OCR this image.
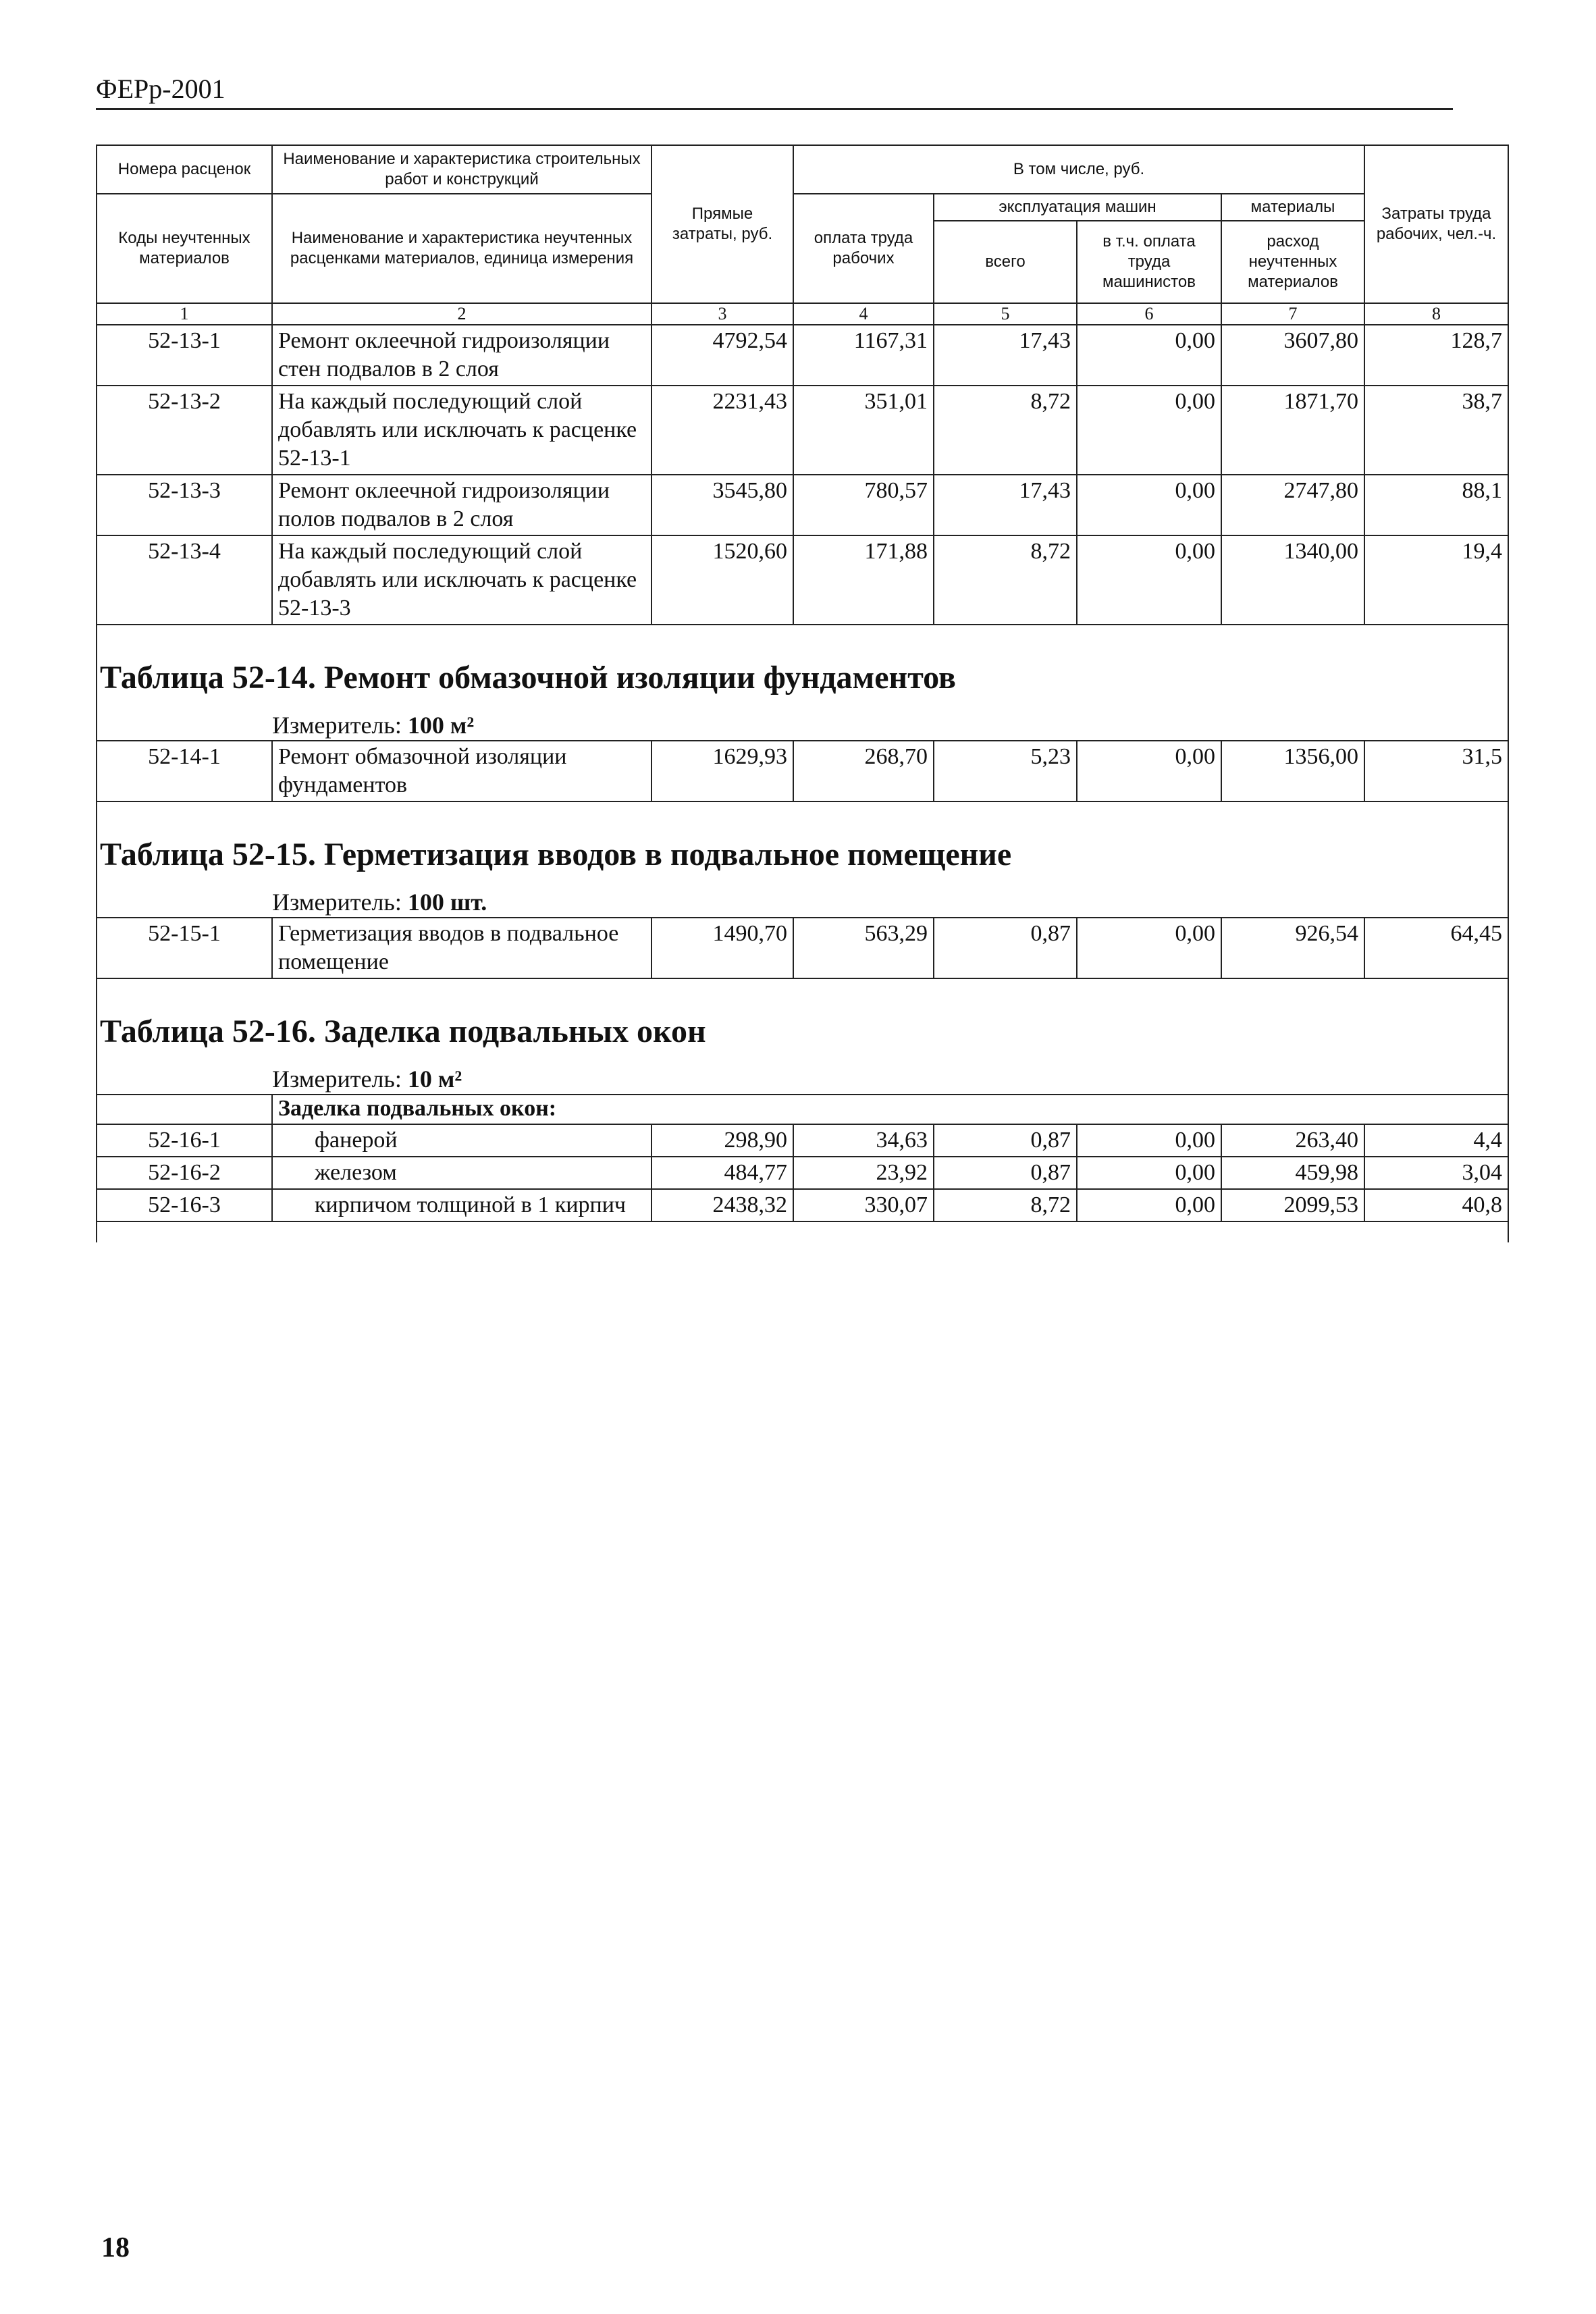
ФЕРр-2001
Номера расценок	Наименование и характеристика строительных работ и конструкций	Прямые затраты, руб.	В том числе, руб.				Затраты труда рабочих, чел.-ч.
Коды неучтенных материалов	Наименование и характеристика неучтенных расценками материалов, единица измерения		оплата труда рабочих	эксплуатация машин		материалы	
				всего	в т.ч. оплата труда машинистов	расход неучтенных материалов	
1	2	3	4	5	6	7	8
52-13-1	Ремонт оклеечной гидроизоляции стен подвалов в 2 слоя	4792,54	1167,31	17,43	0,00	3607,80	128,7
52-13-2	На каждый последующий слой добавлять или исключать к расценке 52-13-1	2231,43	351,01	8,72	0,00	1871,70	38,7
52-13-3	Ремонт оклеечной гидроизоляции полов подвалов в 2 слоя	3545,80	780,57	17,43	0,00	2747,80	88,1
52-13-4	На каждый последующий слой добавлять или исключать к расценке 52-13-3	1520,60	171,88	8,72	0,00	1340,00	19,4

Таблица 52-14. Ремонт обмазочной изоляции фундаментов							
	Измеритель: 100 м²						
52-14-1	Ремонт обмазочной изоляции фундаментов	1629,93	268,70	5,23	0,00	1356,00	31,5

Таблица 52-15. Герметизация вводов в подвальное помещение							
	Измеритель: 100 шт.						
52-15-1	Герметизация вводов в подвальное помещение	1490,70	563,29	0,87	0,00	926,54	64,45

Таблица 52-16. Заделка подвальных окон							
	Измеритель: 10 м²						
	Заделка подвальных окон:						
52-16-1	фанерой	298,90	34,63	0,87	0,00	263,40	4,4
52-16-2	железом	484,77	23,92	0,87	0,00	459,98	3,04
52-16-3	кирпичом толщиной в 1 кирпич	2438,32	330,07	8,72	0,00	2099,53	40,8

18
